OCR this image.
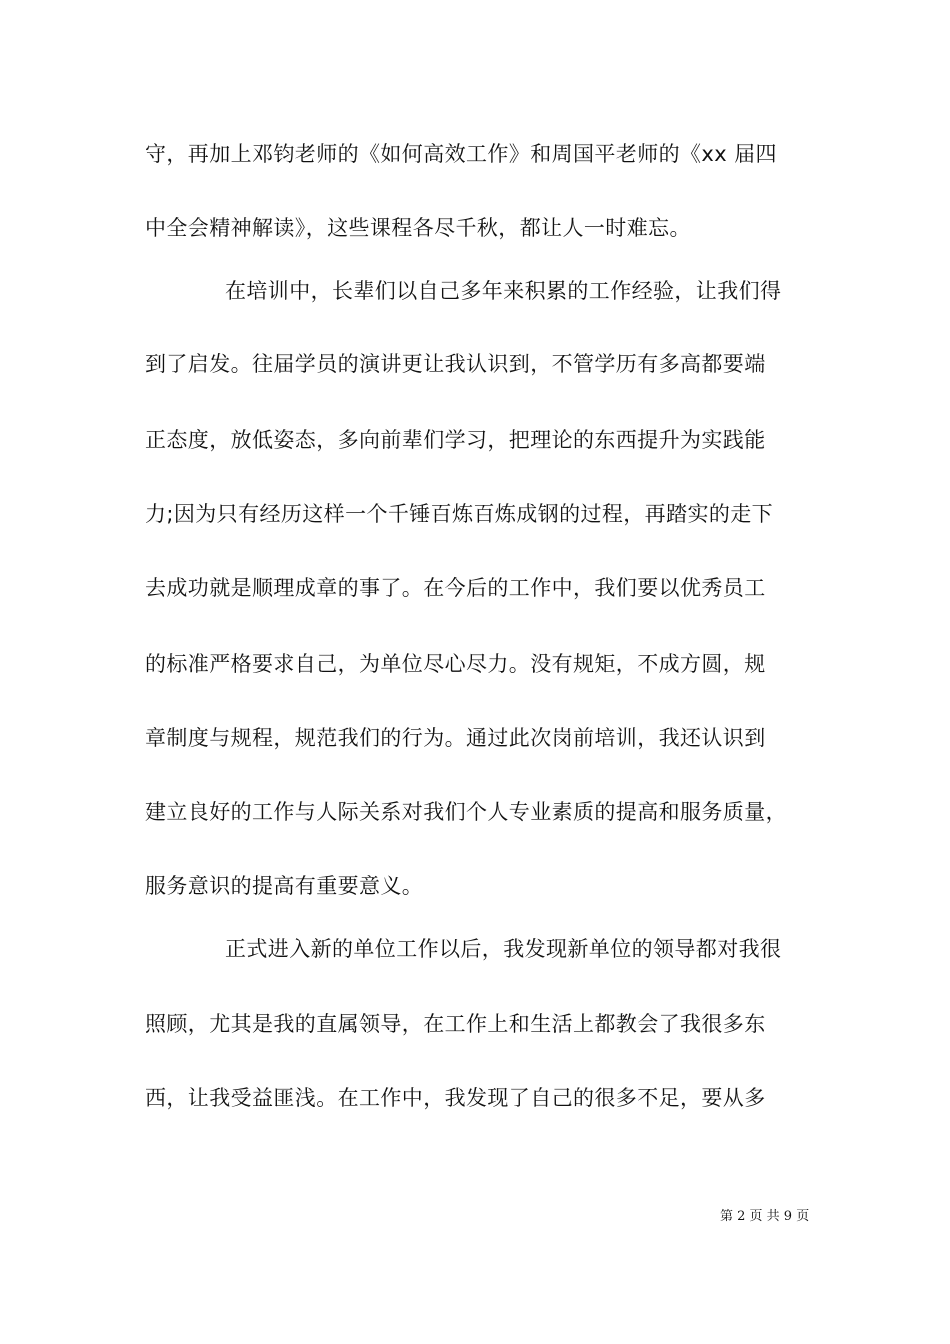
守，再加上邓钧老师的《如何高效工作》和周国平老师的《xx 届四
中全会精神解读》，这些课程各尽千秋，都让人一时难忘。
在培训中，长辈们以自己多年来积累的工作经验，让我们得
到了启发。往届学员的演讲更让我认识到，不管学历有多高都要端
正态度，放低姿态，多向前辈们学习，把理论的东西提升为实践能
力;因为只有经历这样一个千锤百炼百炼成钢的过程，再踏实的走下
去成功就是顺理成章的事了。在今后的工作中，我们要以优秀员工
的标准严格要求自己，为单位尽心尽力。没有规矩，不成方圆，规
章制度与规程，规范我们的行为。通过此次岗前培训，我还认识到
建立良好的工作与人际关系对我们个人专业素质的提高和服务质量，
服务意识的提高有重要意义。
正式进入新的单位工作以后，我发现新单位的领导都对我很
照顾，尤其是我的直属领导，在工作上和生活上都教会了我很多东
西，让我受益匪浅。在工作中，我发现了自己的很多不足，要从多
第 2 页 共 9 页
